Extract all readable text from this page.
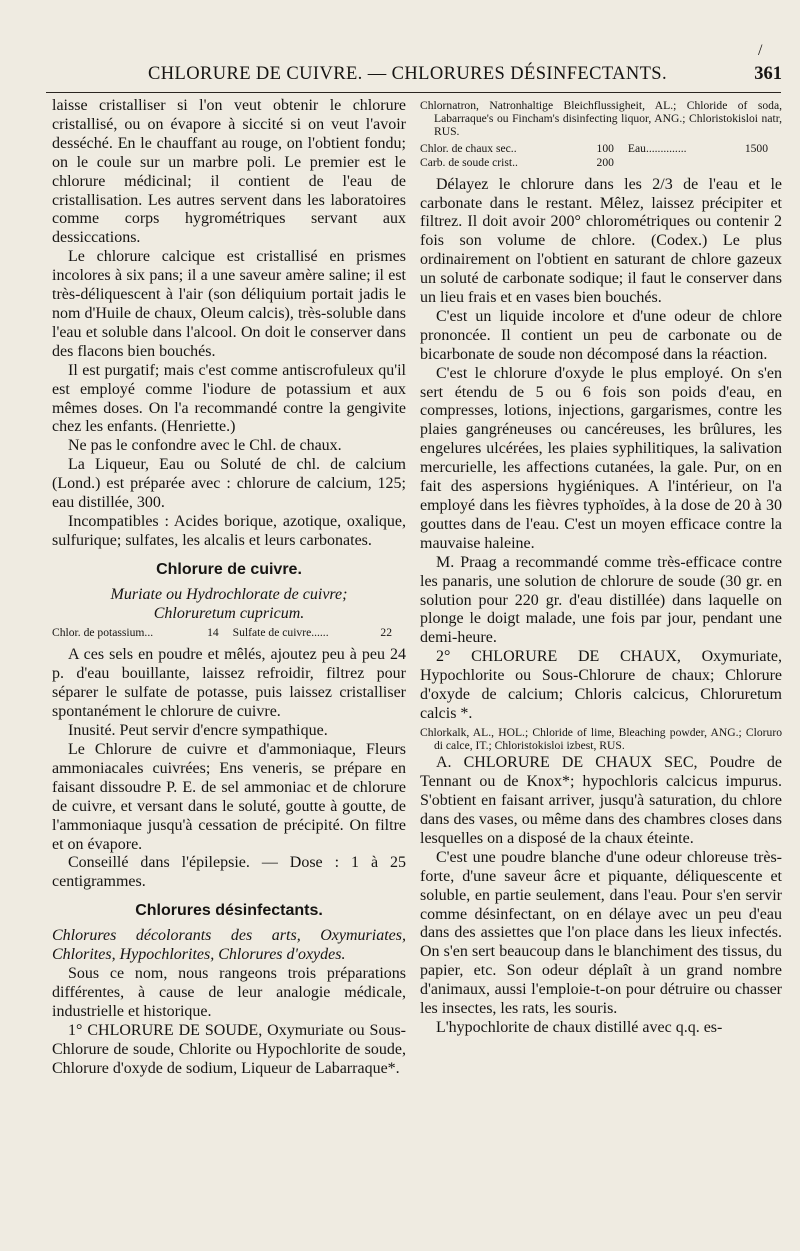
/
CHLORURE DE CUIVRE. — CHLORURES DÉSINFECTANTS.	361

laisse cristalliser si l'on veut obtenir le chlorure cristallisé, ou on évapore à siccité si on veut l'avoir desséché. En le chauffant au rouge, on l'obtient fondu; on le coule sur un marbre poli. Le premier est le chlorure médicinal; il contient de l'eau de cristallisation. Les autres servent dans les laboratoires comme corps hygrométriques servant aux dessiccations.

Le chlorure calcique est cristallisé en prismes incolores à six pans; il a une saveur amère saline; il est très-déliquescent à l'air (son déliquium portait jadis le nom d'Huile de chaux, Oleum calcis), très-soluble dans l'eau et soluble dans l'alcool. On doit le conserver dans des flacons bien bouchés.

Il est purgatif; mais c'est comme antiscrofuleux qu'il est employé comme l'iodure de potassium et aux mêmes doses. On l'a recommandé contre la gengivite chez les enfants. (Henriette.)

Ne pas le confondre avec le Chl. de chaux.

La Liqueur, Eau ou Soluté de chl. de calcium (Lond.) est préparée avec : chlorure de calcium, 125; eau distillée, 300.

Incompatibles : Acides borique, azotique, oxalique, sulfurique; sulfates, les alcalis et leurs carbonates.

Chlorure de cuivre.

Muriate ou Hydrochlorate de cuivre;

Chloruretum cupricum.

Chlor. de potassium...	14	Sulfate de cuivre......	22

A ces sels en poudre et mêlés, ajoutez peu à peu 24 p. d'eau bouillante, laissez refroidir, filtrez pour séparer le sulfate de potasse, puis laissez cristalliser spontanément le chlorure de cuivre.

Inusité. Peut servir d'encre sympathique.

Le Chlorure de cuivre et d'ammoniaque, Fleurs ammoniacales cuivrées; Ens veneris, se prépare en faisant dissoudre P. E. de sel ammoniac et de chlorure de cuivre, et versant dans le soluté, goutte à goutte, de l'ammoniaque jusqu'à cessation de précipité. On filtre et on évapore.

Conseillé dans l'épilepsie. — Dose : 1 à 25 centigrammes.

Chlorures désinfectants.

Chlorures décolorants des arts, Oxymuriates, Chlorites, Hypochlorites, Chlorures d'oxydes.

Sous ce nom, nous rangeons trois préparations différentes, à cause de leur analogie médicale, industrielle et historique.

1° CHLORURE DE SOUDE, Oxymuriate ou Sous-Chlorure de soude, Chlorite ou Hypochlorite de soude, Chlorure d'oxyde de sodium, Liqueur de Labarraque*.

Chlornatron, Natronhaltige Bleichflussigheit, AL.; Chloride of soda, Labarraque's ou Fincham's disinfecting liquor, ANG.; Chloristokisloi natr, RUS.

Chlor. de chaux sec..	100	Eau..............	1500
Carb. de soude crist..	200		

Délayez le chlorure dans les 2/3 de l'eau et le carbonate dans le restant. Mêlez, laissez précipiter et filtrez. Il doit avoir 200° chlorométriques ou contenir 2 fois son volume de chlore. (Codex.) Le plus ordinairement on l'obtient en saturant de chlore gazeux un soluté de carbonate sodique; il faut le conserver dans un lieu frais et en vases bien bouchés.

C'est un liquide incolore et d'une odeur de chlore prononcée. Il contient un peu de carbonate ou de bicarbonate de soude non décomposé dans la réaction.

C'est le chlorure d'oxyde le plus employé. On s'en sert étendu de 5 ou 6 fois son poids d'eau, en compresses, lotions, injections, gargarismes, contre les plaies gangréneuses ou cancéreuses, les brûlures, les engelures ulcérées, les plaies syphilitiques, la salivation mercurielle, les affections cutanées, la gale. Pur, on en fait des aspersions hygiéniques. A l'intérieur, on l'a employé dans les fièvres typhoïdes, à la dose de 20 à 30 gouttes dans de l'eau. C'est un moyen efficace contre la mauvaise haleine.

M. Praag a recommandé comme très-efficace contre les panaris, une solution de chlorure de soude (30 gr. en solution pour 220 gr. d'eau distillée) dans laquelle on plonge le doigt malade, une fois par jour, pendant une demi-heure.

2° CHLORURE DE CHAUX, Oxymuriate, Hypochlorite ou Sous-Chlorure de chaux; Chlorure d'oxyde de calcium; Chloris calcicus, Chloruretum calcis *.

Chlorkalk, AL., HOL.; Chloride of lime, Bleaching powder, ANG.; Cloruro di calce, IT.; Chloristokisloi izbest, RUS.

A. CHLORURE DE CHAUX SEC, Poudre de Tennant ou de Knox*; hypochloris calcicus impurus. S'obtient en faisant arriver, jusqu'à saturation, du chlore dans des vases, ou même dans des chambres closes dans lesquelles on a disposé de la chaux éteinte.

C'est une poudre blanche d'une odeur chloreuse très-forte, d'une saveur âcre et piquante, déliquescente et soluble, en partie seulement, dans l'eau. Pour s'en servir comme désinfectant, on en délaye avec un peu d'eau dans des assiettes que l'on place dans les lieux infectés. On s'en sert beaucoup dans le blanchiment des tissus, du papier, etc. Son odeur déplaît à un grand nombre d'animaux, aussi l'emploie-t-on pour détruire ou chasser les insectes, les rats, les souris.

L'hypochlorite de chaux distillé avec q.q. es-
